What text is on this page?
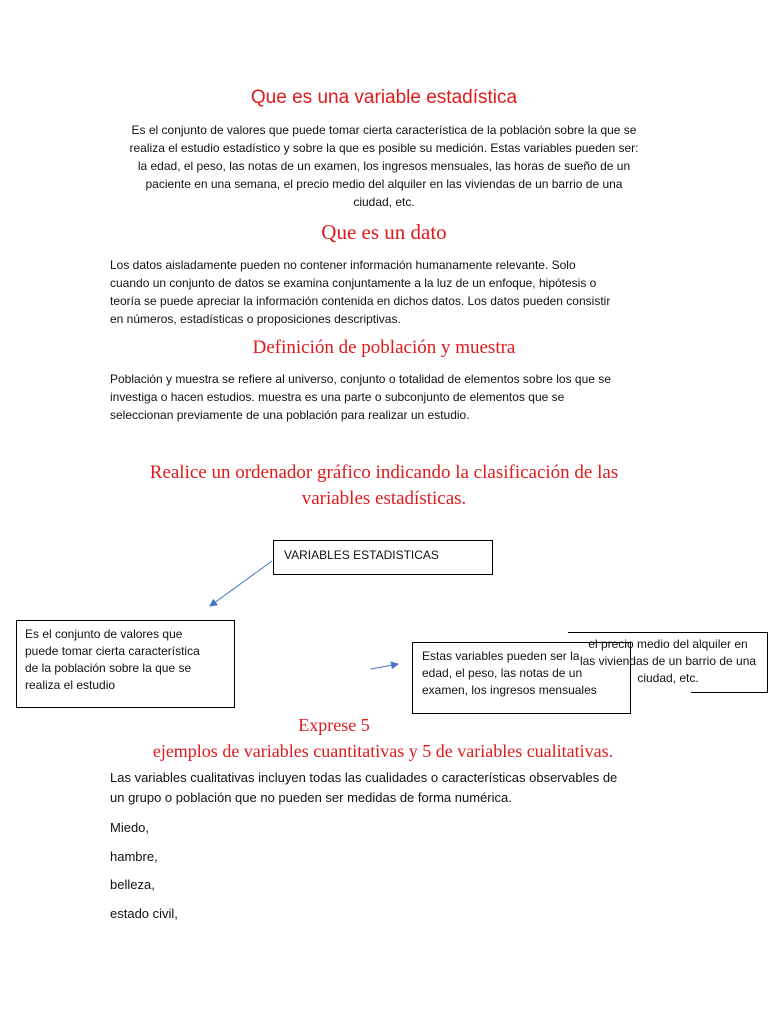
Que es una variable estadística
Es el conjunto de valores que puede tomar cierta característica de la población sobre la que se
realiza el estudio estadístico y sobre la que es posible su medición. Estas variables pueden ser:
la edad, el peso, las notas de un examen, los ingresos mensuales, las horas de sueño de un
paciente en una semana, el precio medio del alquiler en las viviendas de un barrio de una
ciudad, etc.
Que es un dato
Los datos aisladamente pueden no contener información humanamente relevante. Solo
cuando un conjunto de datos se examina conjuntamente a la luz de un enfoque, hipótesis o
teoría se puede apreciar la información contenida en dichos datos. Los datos pueden consistir
en números, estadísticas o proposiciones descriptivas.
Definición de población y muestra
Población y muestra se refiere al universo, conjunto o totalidad de elementos sobre los que se
investiga o hacen estudios. muestra es una parte o subconjunto de elementos que se
seleccionan previamente de una población para realizar un estudio.
Realice un ordenador gráfico indicando la clasificación de las
variables estadísticas.
VARIABLES ESTADISTICAS
Es el conjunto de valores que
puede tomar cierta característica
de la población sobre la que se
realiza el estudio
Estas variables pueden ser la
edad, el peso, las notas de un
examen, los ingresos mensuales
el precio medio del alquiler en
las viviendas de un barrio de una
ciudad, etc.
Exprese 5
ejemplos de variables cuantitativas y 5 de variables cualitativas.
Las variables cualitativas incluyen todas las cualidades o características observables de
un grupo o población que no pueden ser medidas de forma numérica.
Miedo,
hambre,
belleza,
estado civil,
